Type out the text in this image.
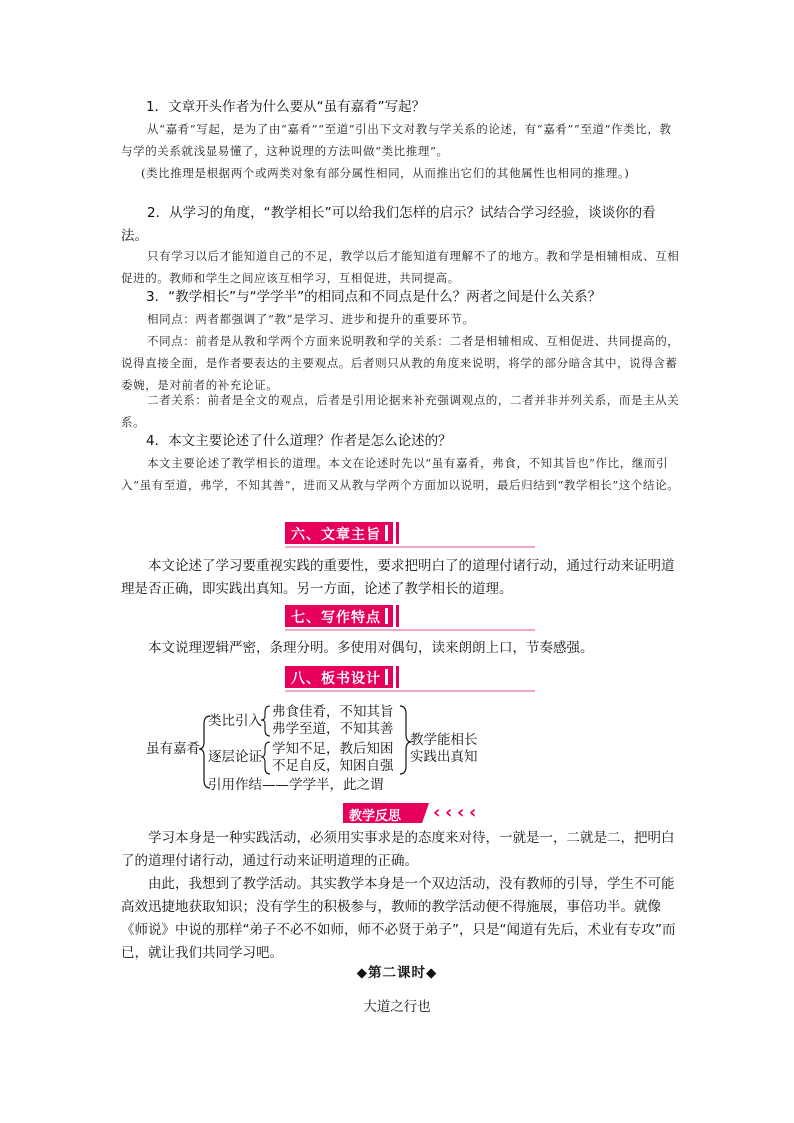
1．文章开头作者为什么要从“虽有嘉肴”写起？
从“嘉肴”写起，是为了由“嘉肴”“至道”引出下文对教与学关系的论述，有“嘉肴”“至道”作类比，教与学的关系就浅显易懂了，这种说理的方法叫做“类比推理”。
(类比推理是根据两个或两类对象有部分属性相同，从而推出它们的其他属性也相同的推理。)
2．从学习的角度，“教学相长”可以给我们怎样的启示？试结合学习经验，谈谈你的看法。
只有学习以后才能知道自己的不足，教学以后才能知道有理解不了的地方。教和学是相辅相成、互相促进的。教师和学生之间应该互相学习，互相促进，共同提高。
3．“教学相长”与“学学半”的相同点和不同点是什么？两者之间是什么关系？
相同点：两者都强调了“教”是学习、进步和提升的重要环节。
不同点：前者是从教和学两个方面来说明教和学的关系：二者是相辅相成、互相促进、共同提高的，说得直接全面，是作者要表达的主要观点。后者则只从教的角度来说明，将学的部分暗含其中，说得含蓄委婉，是对前者的补充论证。
二者关系：前者是全文的观点，后者是引用论据来补充强调观点的，二者并非并列关系，而是主从关系。
4．本文主要论述了什么道理？作者是怎么论述的？
本文主要论述了教学相长的道理。本文在论述时先以“虽有嘉肴，弗食，不知其旨也”作比，继而引入“虽有至道，弗学，不知其善”，进而又从教与学两个方面加以说明，最后归结到“教学相长”这个结论。
六、文章主旨
本文论述了学习要重视实践的重要性，要求把明白了的道理付诸行动，通过行动来证明道理是否正确，即实践出真知。另一方面，论述了教学相长的道理。
七、写作特点
本文说理逻辑严密，条理分明。多使用对偶句，读来朗朗上口，节奏感强。
八、板书设计
虽有嘉肴
类比引入
弗食佳肴，不知其旨
弗学至道，不知其善
逐层论证 学知不足，教后知困
不足自反，知困自强
引用作结——学学半，此之谓
教学能相长
实践出真知
教学反思 ‹ ‹ ‹ ‹
学习本身是一种实践活动，必须用实事求是的态度来对待，一就是一，二就是二，把明白了的道理付诸行动，通过行动来证明道理的正确。
由此，我想到了教学活动。其实教学本身是一个双边活动，没有教师的引导，学生不可能高效迅捷地获取知识；没有学生的积极参与，教师的教学活动便不得施展，事倍功半。就像《师说》中说的那样“弟子不必不如师，师不必贤于弟子”，只是“闻道有先后，术业有专攻”而已，就让我们共同学习吧。
◆第二课时◆
大道之行也
